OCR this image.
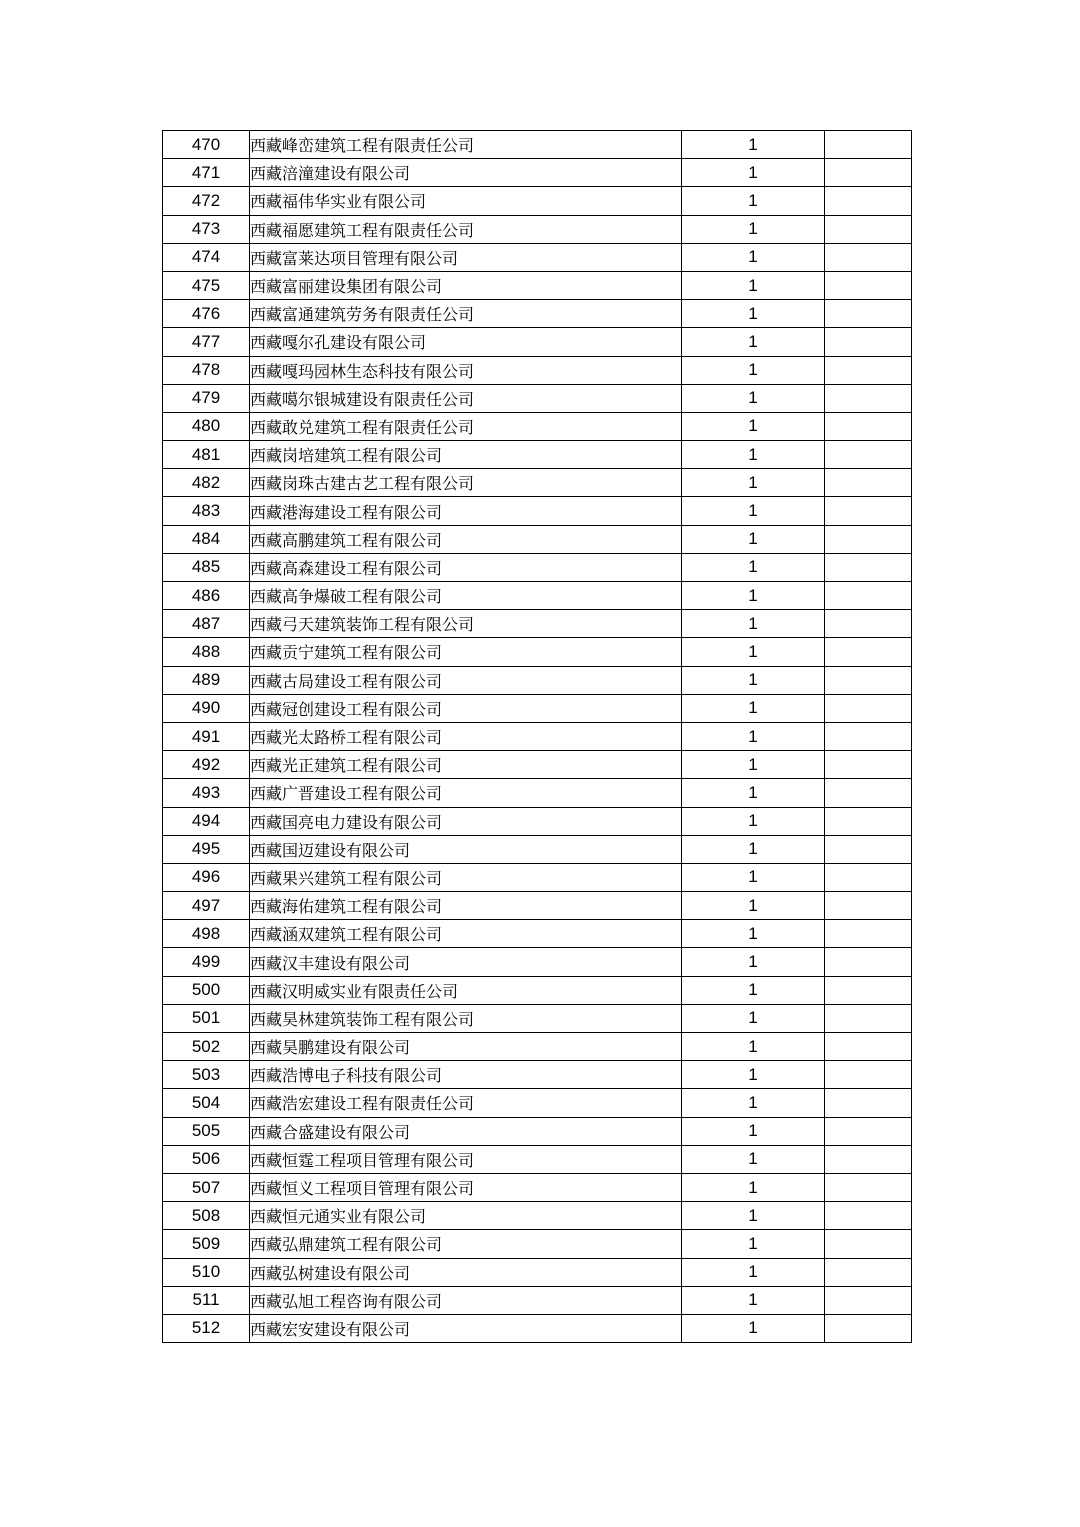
470	西藏峰峦建筑工程有限责任公司	1	
471	西藏涪潼建设有限公司	1	
472	西藏福伟华实业有限公司	1	
473	西藏福愿建筑工程有限责任公司	1	
474	西藏富莱达项目管理有限公司	1	
475	西藏富丽建设集团有限公司	1	
476	西藏富通建筑劳务有限责任公司	1	
477	西藏嘎尔孔建设有限公司	1	
478	西藏嘎玛园林生态科技有限公司	1	
479	西藏噶尔银城建设有限责任公司	1	
480	西藏敢兑建筑工程有限责任公司	1	
481	西藏岗培建筑工程有限公司	1	
482	西藏岗珠古建古艺工程有限公司	1	
483	西藏港海建设工程有限公司	1	
484	西藏高鹏建筑工程有限公司	1	
485	西藏高森建设工程有限公司	1	
486	西藏高争爆破工程有限公司	1	
487	西藏弓天建筑装饰工程有限公司	1	
488	西藏贡宁建筑工程有限公司	1	
489	西藏古局建设工程有限公司	1	
490	西藏冠创建设工程有限公司	1	
491	西藏光太路桥工程有限公司	1	
492	西藏光正建筑工程有限公司	1	
493	西藏广晋建设工程有限公司	1	
494	西藏国亮电力建设有限公司	1	
495	西藏国迈建设有限公司	1	
496	西藏果兴建筑工程有限公司	1	
497	西藏海佑建筑工程有限公司	1	
498	西藏涵双建筑工程有限公司	1	
499	西藏汉丰建设有限公司	1	
500	西藏汉明威实业有限责任公司	1	
501	西藏昊林建筑装饰工程有限公司	1	
502	西藏昊鹏建设有限公司	1	
503	西藏浩博电子科技有限公司	1	
504	西藏浩宏建设工程有限责任公司	1	
505	西藏合盛建设有限公司	1	
506	西藏恒霆工程项目管理有限公司	1	
507	西藏恒义工程项目管理有限公司	1	
508	西藏恒元通实业有限公司	1	
509	西藏弘鼎建筑工程有限公司	1	
510	西藏弘树建设有限公司	1	
511	西藏弘旭工程咨询有限公司	1	
512	西藏宏安建设有限公司	1	
